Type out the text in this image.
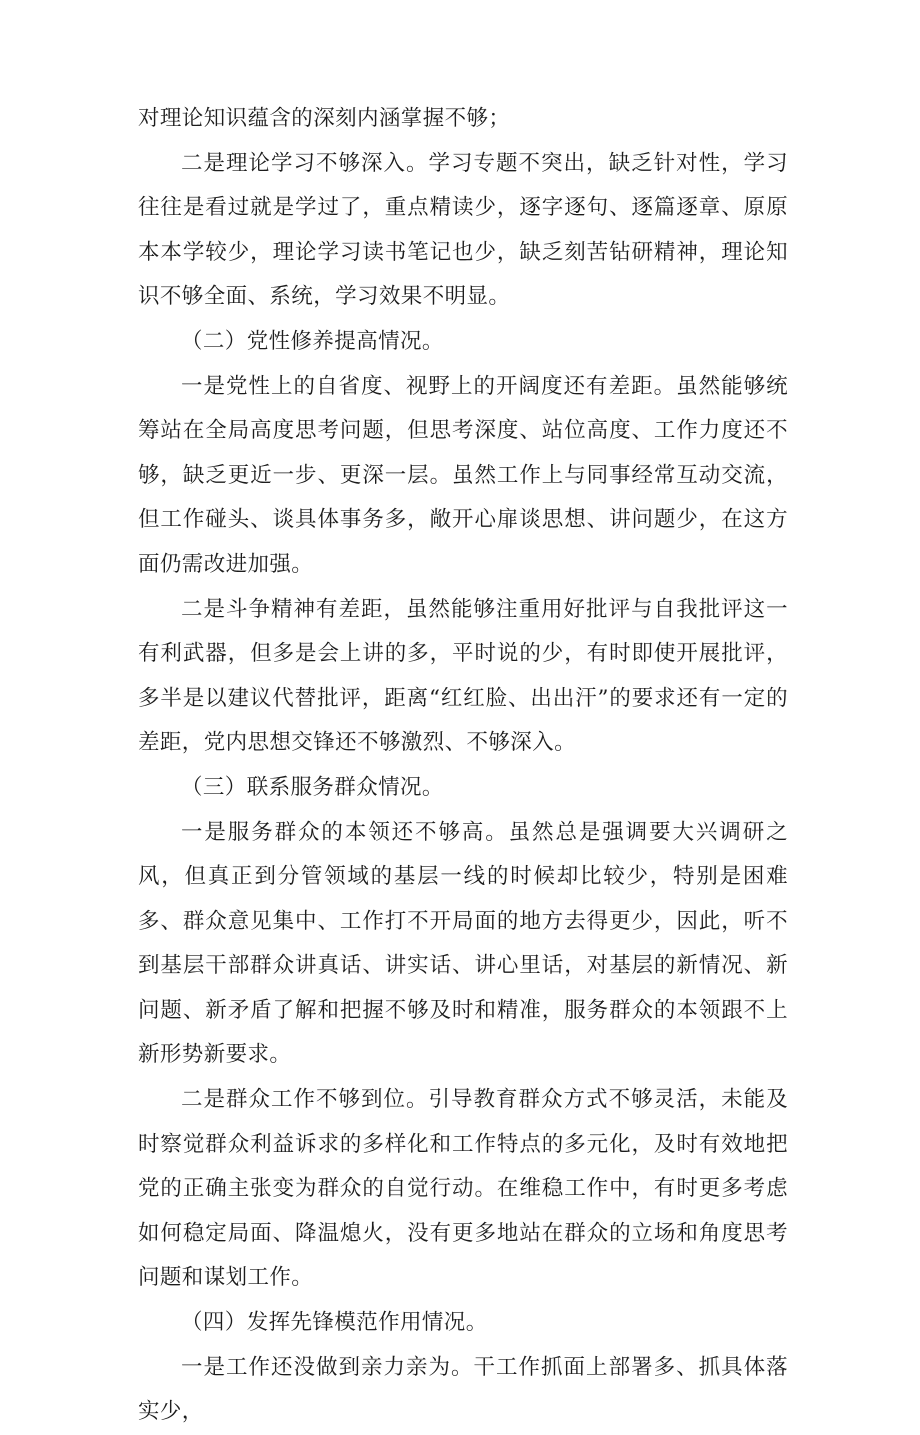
对理论知识蕴含的深刻内涵掌握不够；

二是理论学习不够深入。学习专题不突出，缺乏针对性，学习往往是看过就是学过了，重点精读少，逐字逐句、逐篇逐章、原原本本学较少，理论学习读书笔记也少，缺乏刻苦钻研精神，理论知识不够全面、系统，学习效果不明显。

（二）党性修养提高情况。

一是党性上的自省度、视野上的开阔度还有差距。虽然能够统筹站在全局高度思考问题，但思考深度、站位高度、工作力度还不够，缺乏更近一步、更深一层。虽然工作上与同事经常互动交流，但工作碰头、谈具体事务多，敞开心扉谈思想、讲问题少，在这方面仍需改进加强。

二是斗争精神有差距，虽然能够注重用好批评与自我批评这一有利武器，但多是会上讲的多，平时说的少，有时即使开展批评，多半是以建议代替批评，距离“红红脸、出出汗”的要求还有一定的差距，党内思想交锋还不够激烈、不够深入。

（三）联系服务群众情况。

一是服务群众的本领还不够高。虽然总是强调要大兴调研之风，但真正到分管领域的基层一线的时候却比较少，特别是困难多、群众意见集中、工作打不开局面的地方去得更少，因此，听不到基层干部群众讲真话、讲实话、讲心里话，对基层的新情况、新问题、新矛盾了解和把握不够及时和精准，服务群众的本领跟不上新形势新要求。

二是群众工作不够到位。引导教育群众方式不够灵活，未能及时察觉群众利益诉求的多样化和工作特点的多元化，及时有效地把党的正确主张变为群众的自觉行动。在维稳工作中，有时更多考虑如何稳定局面、降温熄火，没有更多地站在群众的立场和角度思考问题和谋划工作。

（四）发挥先锋模范作用情况。

一是工作还没做到亲力亲为。干工作抓面上部署多、抓具体落实少，
